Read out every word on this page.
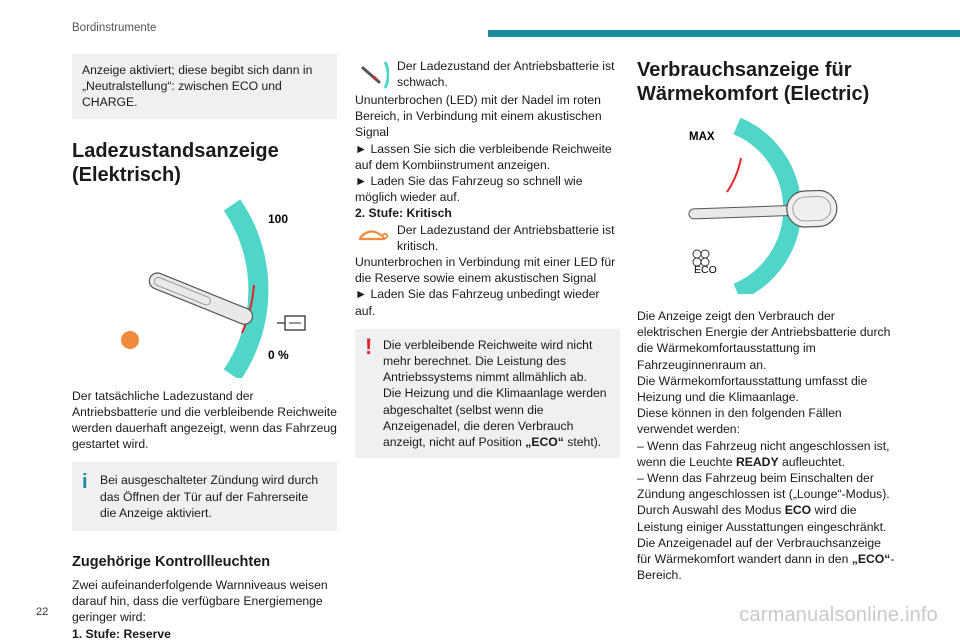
Bordinstrumente

Anzeige aktiviert; diese begibt sich dann in „Neutralstellung“: zwischen ECO und CHARGE.

Ladezustandsanzeige (Elektrisch)
100
0 %

Der tatsächliche Ladezustand der Antriebsbatterie und die verbleibende Reichweite werden dauerhaft angezeigt, wenn das Fahrzeug gestartet wird.

i	Bei ausgeschalteter Zündung wird durch das Öffnen der Tür auf der Fahrerseite die Anzeige aktiviert.

Zugehörige Kontrollleuchten

Zwei aufeinanderfolgende Warnniveaus weisen darauf hin, dass die verfügbare Energiemenge geringer wird:

1. Stufe: Reserve

Der Ladezustand der Antriebsbatterie ist schwach.

Ununterbrochen (LED) mit der Nadel im roten Bereich, in Verbindung mit einem akustischen Signal

► Lassen Sie sich die verbleibende Reichweite auf dem Kombiinstrument anzeigen.

► Laden Sie das Fahrzeug so schnell wie möglich wieder auf.

2. Stufe: Kritisch

Der Ladezustand der Antriebsbatterie ist kritisch.

Ununterbrochen in Verbindung mit einer LED für die Reserve sowie einem akustischen Signal

► Laden Sie das Fahrzeug unbedingt wieder auf.

! Die verbleibende Reichweite wird nicht mehr berechnet. Die Leistung des Antriebssystems nimmt allmählich ab.

Die Heizung und die Klimaanlage werden abgeschaltet (selbst wenn die Anzeigenadel, die deren Verbrauch anzeigt, nicht auf Position „ECO“ steht).

Verbrauchsanzeige für Wärmekomfort (Electric)
MAX
ECO

Die Anzeige zeigt den Verbrauch der elektrischen Energie der Antriebsbatterie durch die Wärmekomfortausstattung im Fahrzeuginnenraum an.

Die Wärmekomfortausstattung umfasst die Heizung und die Klimaanlage.

Diese können in den folgenden Fällen verwendet werden:

– Wenn das Fahrzeug nicht angeschlossen ist, wenn die Leuchte READY aufleuchtet.

– Wenn das Fahrzeug beim Einschalten der Zündung angeschlossen ist („Lounge“-Modus).

Durch Auswahl des Modus ECO wird die Leistung einiger Ausstattungen eingeschränkt.

Die Anzeigenadel auf der Verbrauchsanzeige für Wärmekomfort wandert dann in den „ECO“-Bereich.

22	carmanualsonline.info
